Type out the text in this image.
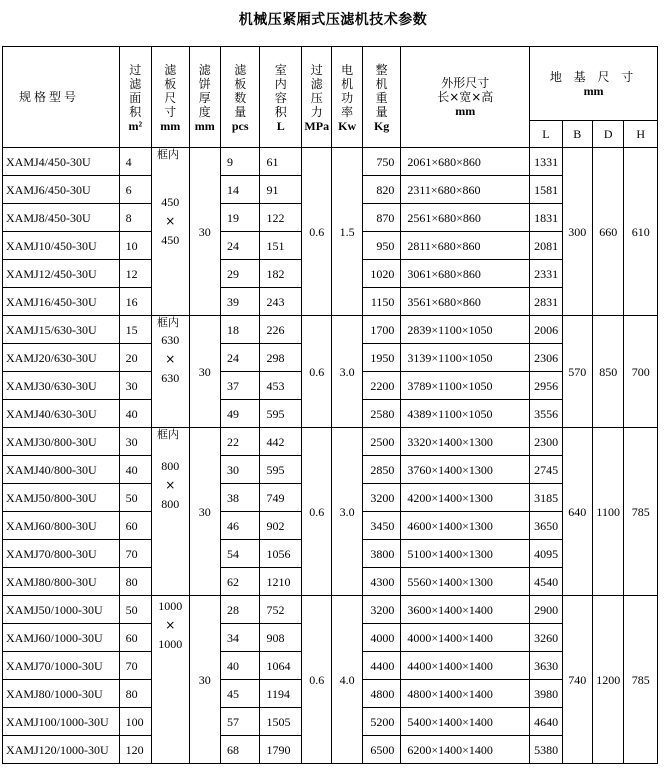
机械压紧厢式压滤机技术参数
规格型号	过
滤
面
积
m²	滤
板
尺
寸
mm	滤
饼
厚
度
mm	滤
板
数
量
pcs	室
内
容
积
L	过
滤
压
力
MPa	电
机
功
率
Kw	整
机
重
量
Kg	外形尺寸
长×宽×高
mm	地 基 尺 寸
mm			

										L	B	D	H
XAMJ4/450-30U	4	框内
450
×
450	30	9	61	0.6	1.5	750	2061×680×860	1331	300	660	610
XAMJ6/450-30U	6			14	91			820	2311×680×860	1581			
XAMJ8/450-30U	8			19	122			870	2561×680×860	1831			
XAMJ10/450-30U	10			24	151			950	2811×680×860	2081			
XAMJ12/450-30U	12			29	182			1020	3061×680×860	2331			
XAMJ16/450-30U	16			39	243			1150	3561×680×860	2831			
XAMJ15/630-30U	15	框内
630
×
630	30	18	226	0.6	3.0	1700	2839×1100×1050	2006	570	850	700
XAMJ20/630-30U	20			24	298			1950	3139×1100×1050	2306			
XAMJ30/630-30U	30			37	453			2200	3789×1100×1050	2956			
XAMJ40/630-30U	40			49	595			2580	4389×1100×1050	3556			
XAMJ30/800-30U	30	框内
800
×
800	30	22	442	0.6	3.0	2500	3320×1400×1300	2300	640	1100	785
XAMJ40/800-30U	40			30	595			2850	3760×1400×1300	2745			
XAMJ50/800-30U	50			38	749			3200	4200×1400×1300	3185			
XAMJ60/800-30U	60			46	902			3450	4600×1400×1300	3650			
XAMJ70/800-30U	70			54	1056			3800	5100×1400×1300	4095			
XAMJ80/800-30U	80			62	1210			4300	5560×1400×1300	4540			
XAMJ50/1000-30U	50	1000
×
1000	30	28	752	0.6	4.0	3200	3600×1400×1400	2900	740	1200	785
XAMJ60/1000-30U	60			34	908			4000	4000×1400×1400	3260			
XAMJ70/1000-30U	70			40	1064			4400	4400×1400×1400	3630			
XAMJ80/1000-30U	80			45	1194			4800	4800×1400×1400	3980			
XAMJ100/1000-30U	100			57	1505			5200	5400×1400×1400	4640			
XAMJ120/1000-30U	120			68	1790			6500	6200×1400×1400	5380			
